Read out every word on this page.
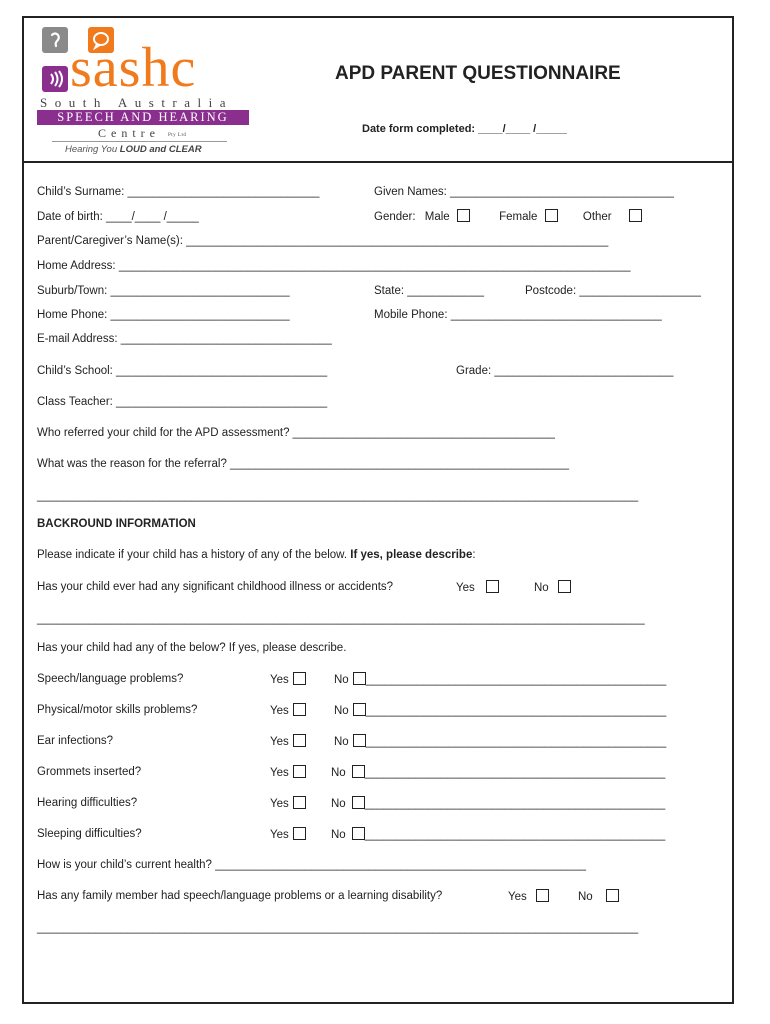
sashc
South Australia
SPEECH AND HEARING
Centre Pty Ltd
Hearing You LOUD and CLEAR
APD PARENT QUESTIONNAIRE
Date form completed: ____/____ /_____
Child’s Surname: ______________________________	Given Names: ___________________________________
Date of birth: ____/____ /_____	Gender: Male	Female	Other
Parent/Caregiver’s Name(s): __________________________________________________________________
Home Address: ________________________________________________________________________________
Suburb/Town: ____________________________	State: ____________	Postcode: ___________________
Home Phone: ____________________________	Mobile Phone: _________________________________
E-mail Address: _________________________________
Child’s School: _________________________________	Grade: ____________________________
Class Teacher: _________________________________
Who referred your child for the APD assessment? _________________________________________
What was the reason for the referral? _____________________________________________________
______________________________________________________________________________________________
BACKROUND INFORMATION
Please indicate if your child has a history of any of the below. If yes, please describe:
Has your child ever had any significant childhood illness or accidents?	Yes	No
_______________________________________________________________________________________________
Has your child had any of the below? If yes, please describe.
Speech/language problems?	Yes	No _______________________________________________
Physical/motor skills problems?	Yes	No _______________________________________________
Ear infections?	Yes	No _______________________________________________
Grommets inserted?	Yes	No _______________________________________________
Hearing difficulties?	Yes	No _______________________________________________
Sleeping difficulties?	Yes	No _______________________________________________
How is your child’s current health? __________________________________________________________
Has any family member had speech/language problems or a learning disability?	Yes	No
______________________________________________________________________________________________
